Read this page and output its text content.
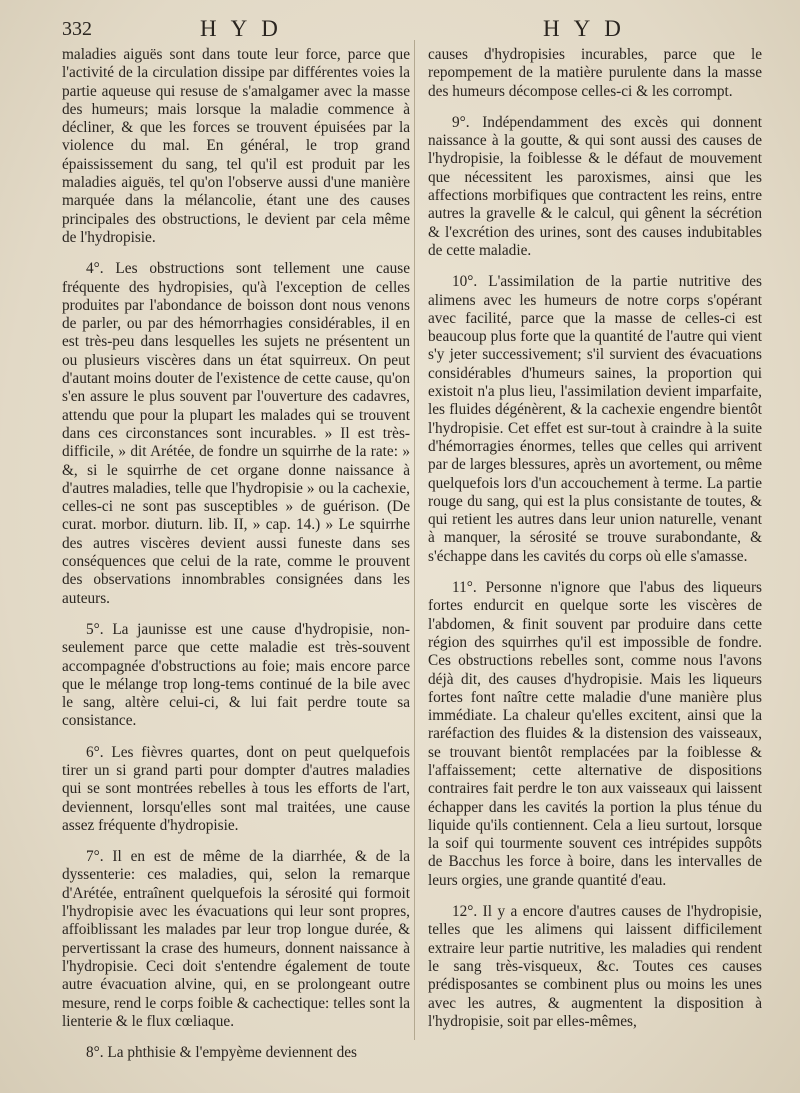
332	HYD	HYD

maladies aiguës sont dans toute leur force, parce que l'activité de la circulation dissipe par différentes voies la partie aqueuse qui resuse de s'amalgamer avec la masse des humeurs; mais lorsque la maladie commence à décliner, & que les forces se trouvent épuisées par la violence du mal. En général, le trop grand épaississement du sang, tel qu'il est produit par les maladies aiguës, tel qu'on l'observe aussi d'une manière marquée dans la mélancolie, étant une des causes principales des obstructions, le devient par cela même de l'hydropisie.

4°. Les obstructions sont tellement une cause fréquente des hydropisies, qu'à l'exception de celles produites par l'abondance de boisson dont nous venons de parler, ou par des hémorrhagies considérables, il en est très-peu dans lesquelles les sujets ne présentent un ou plusieurs viscères dans un état squirreux. On peut d'autant moins douter de l'existence de cette cause, qu'on s'en assure le plus souvent par l'ouverture des cadavres, attendu que pour la plupart les malades qui se trouvent dans ces circonstances sont incurables. » Il est très-difficile, » dit Arétée, de fondre un squirrhe de la rate: » &, si le squirrhe de cet organe donne naissance à d'autres maladies, telle que l'hydropisie » ou la cachexie, celles-ci ne sont pas susceptibles » de guérison. (De curat. morbor. diuturn. lib. II, » cap. 14.) » Le squirrhe des autres viscères devient aussi funeste dans ses conséquences que celui de la rate, comme le prouvent des observations innombrables consignées dans les auteurs.

5°. La jaunisse est une cause d'hydropisie, non-seulement parce que cette maladie est très-souvent accompagnée d'obstructions au foie; mais encore parce que le mélange trop long-tems continué de la bile avec le sang, altère celui-ci, & lui fait perdre toute sa consistance.

6°. Les fièvres quartes, dont on peut quelquefois tirer un si grand parti pour dompter d'autres maladies qui se sont montrées rebelles à tous les efforts de l'art, deviennent, lorsqu'elles sont mal traitées, une cause assez fréquente d'hydropisie.

7°. Il en est de même de la diarrhée, & de la dyssenterie: ces maladies, qui, selon la remarque d'Arétée, entraînent quelquefois la sérosité qui formoit l'hydropisie avec les évacuations qui leur sont propres, affoiblissant les malades par leur trop longue durée, & pervertissant la crase des humeurs, donnent naissance à l'hydropisie. Ceci doit s'entendre également de toute autre évacuation alvine, qui, en se prolongeant outre mesure, rend le corps foible & cachectique: telles sont la lienterie & le flux cœliaque.

8°. La phthisie & l'empyème deviennent des

causes d'hydropisies incurables, parce que le repompement de la matière purulente dans la masse des humeurs décompose celles-ci & les corrompt.

9°. Indépendamment des excès qui donnent naissance à la goutte, & qui sont aussi des causes de l'hydropisie, la foiblesse & le défaut de mouvement que nécessitent les paroxismes, ainsi que les affections morbifiques que contractent les reins, entre autres la gravelle & le calcul, qui gênent la sécrétion & l'excrétion des urines, sont des causes indubitables de cette maladie.

10°. L'assimilation de la partie nutritive des alimens avec les humeurs de notre corps s'opérant avec facilité, parce que la masse de celles-ci est beaucoup plus forte que la quantité de l'autre qui vient s'y jeter successivement; s'il survient des évacuations considérables d'humeurs saines, la proportion qui existoit n'a plus lieu, l'assimilation devient imparfaite, les fluides dégénèrent, & la cachexie engendre bientôt l'hydropisie. Cet effet est sur-tout à craindre à la suite d'hémorragies énormes, telles que celles qui arrivent par de larges blessures, après un avortement, ou même quelquefois lors d'un accouchement à terme. La partie rouge du sang, qui est la plus consistante de toutes, & qui retient les autres dans leur union naturelle, venant à manquer, la sérosité se trouve surabondante, & s'échappe dans les cavités du corps où elle s'amasse.

11°. Personne n'ignore que l'abus des liqueurs fortes endurcit en quelque sorte les viscères de l'abdomen, & finit souvent par produire dans cette région des squirrhes qu'il est impossible de fondre. Ces obstructions rebelles sont, comme nous l'avons déjà dit, des causes d'hydropisie. Mais les liqueurs fortes font naître cette maladie d'une manière plus immédiate. La chaleur qu'elles excitent, ainsi que la raréfaction des fluides & la distension des vaisseaux, se trouvant bientôt remplacées par la foiblesse & l'affaissement; cette alternative de dispositions contraires fait perdre le ton aux vaisseaux qui laissent échapper dans les cavités la portion la plus ténue du liquide qu'ils contiennent. Cela a lieu surtout, lorsque la soif qui tourmente souvent ces intrépides suppôts de Bacchus les force à boire, dans les intervalles de leurs orgies, une grande quantité d'eau.

12°. Il y a encore d'autres causes de l'hydropisie, telles que les alimens qui laissent difficilement extraire leur partie nutritive, les maladies qui rendent le sang très-visqueux, &c. Toutes ces causes prédisposantes se combinent plus ou moins les unes avec les autres, & augmentent la disposition à l'hydropisie, soit par elles-mêmes,
